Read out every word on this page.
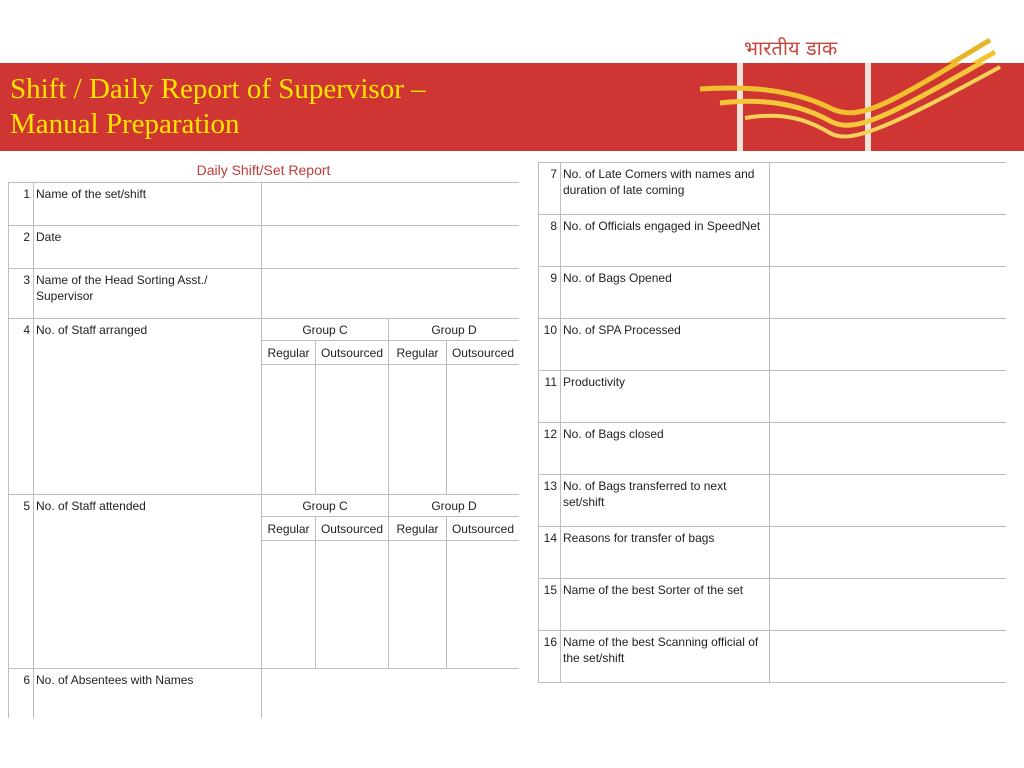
भारतीय डाक
Shift / Daily Report of Supervisor –
Manual Preparation
Daily Shift/Set Report
1	Name of the set/shift				
2	Date				
3	Name of the Head Sorting Asst./ Supervisor				
4	No. of Staff arranged	Group C		Group D	
		Regular	Outsourced	Regular	Outsourced

5	No. of Staff attended	Group C		Group D	
		Regular	Outsourced	Regular	Outsourced

6	No. of Absentees with Names				
7	No. of Late Comers with names and duration of late coming	
8	No. of Officials engaged in SpeedNet	
9	No. of Bags Opened	
10	No. of SPA Processed	
11	Productivity	
12	No. of Bags closed	
13	No. of Bags transferred to next set/shift	
14	Reasons for transfer of bags	
15	Name of the best Sorter of the set	
16	Name of the best Scanning official of the set/shift	
